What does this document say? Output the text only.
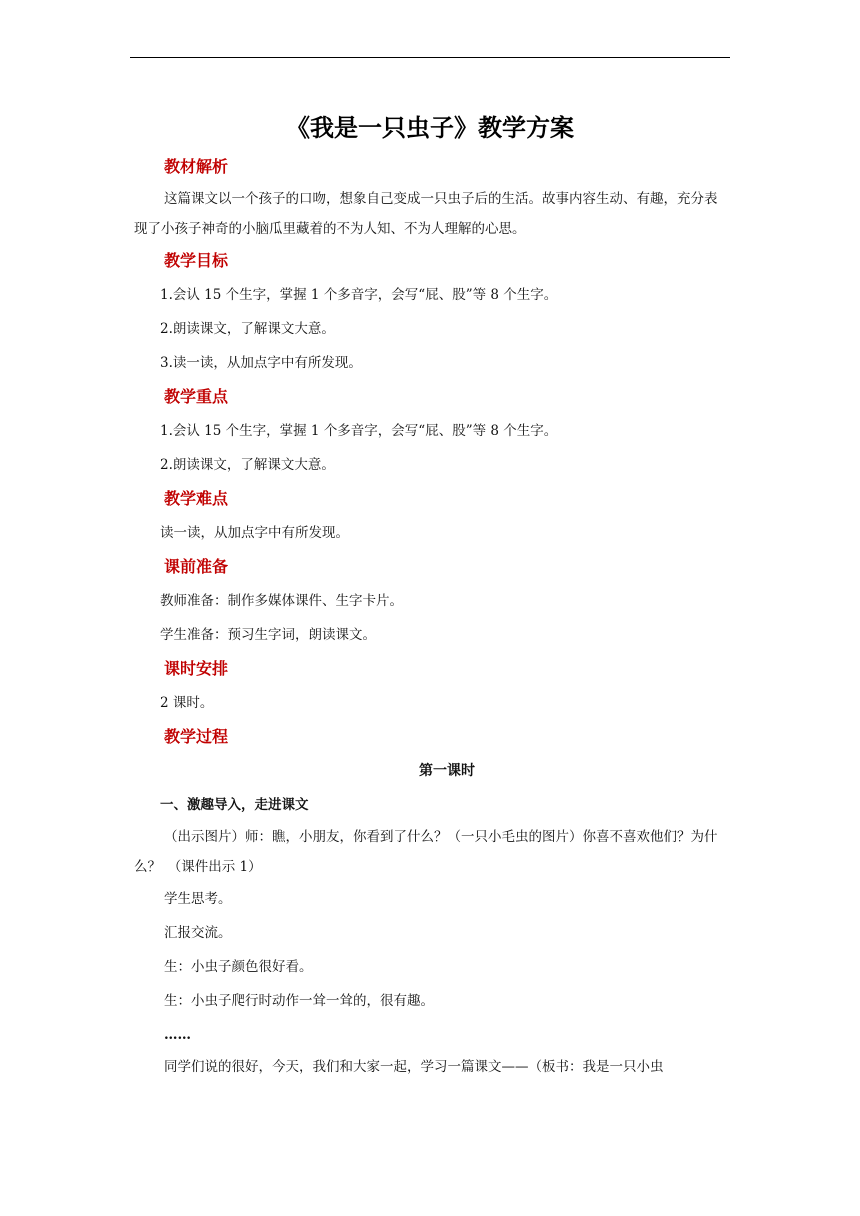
《我是一只虫子》教学方案
教材解析
这篇课文以一个孩子的口吻，想象自己变成一只虫子后的生活。故事内容生动、有趣，充分表现了小孩子神奇的小脑瓜里藏着的不为人知、不为人理解的心思。
教学目标

1.会认 15 个生字，掌握 1 个多音字，会写“屁、股”等 8 个生字。

2.朗读课文，了解课文大意。

3.读一读，从加点字中有所发现。

教学重点

1.会认 15 个生字，掌握 1 个多音字，会写“屁、股”等 8 个生字。

2.朗读课文，了解课文大意。

教学难点

读一读，从加点字中有所发现。

课前准备

教师准备：制作多媒体课件、生字卡片。

学生准备：预习生字词，朗读课文。

课时安排

2 课时。

教学过程
第一课时
一、激趣导入，走进课文
（出示图片）师：瞧，小朋友，你看到了什么？（一只小毛虫的图片）你喜不喜欢他们？为什么？　（课件出示 1）

学生思考。

汇报交流。

生：小虫子颜色很好看。

生：小虫子爬行时动作一耸一耸的，很有趣。

……

同学们说的很好，今天，我们和大家一起，学习一篇课文——（板书：我是一只小虫
